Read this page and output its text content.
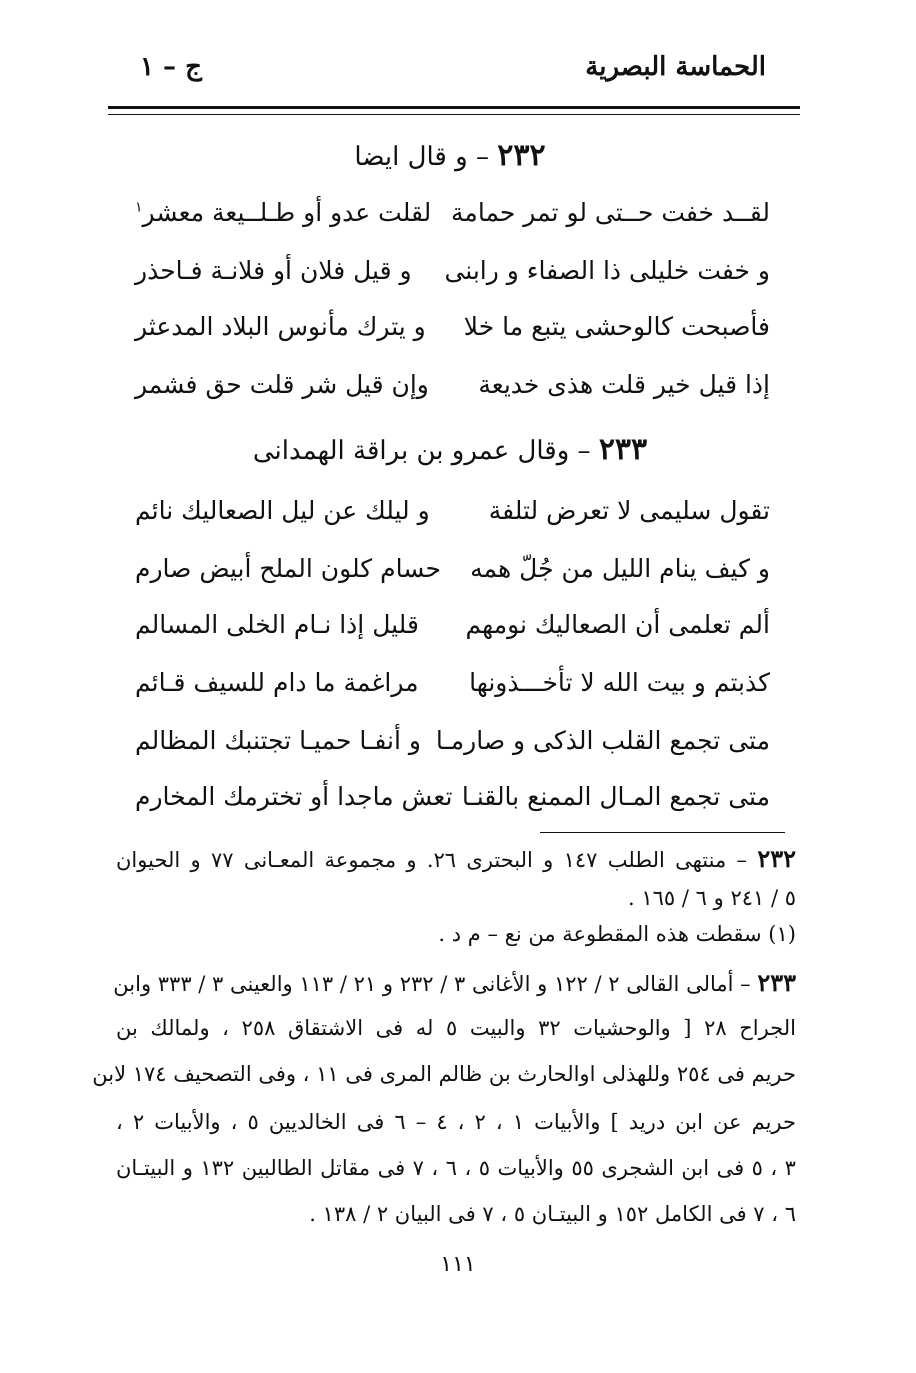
الحماسة البصرية
ج – ١
٢٣٢ – و قال ايضا
لقــد خفت حــتى لو تمر حمامة
لقلت عدو أو طـلــيعة معشر$^١$
و خفت خليلى ذا الصفاء و رابنى
و قيل فلان أو فلانـة فـاحذر
فأصبحت كالوحشى يتبع ما خلا
و يترك مأنوس البلاد المدعثر
إذا قيل خير قلت هذى خديعة
وإن قيل شر قلت حق فشمر
٢٣٣ – وقال عمرو بن براقة الهمدانى
تقول سليمى لا تعرض لتلفة
و ليلك عن ليل الصعاليك نائم
و كيف ينام الليل من جُلّ همه
حسام كلون الملح أبيض صارم
ألم تعلمى أن الصعاليك نومهم
قليل إذا نـام الخلى المسالم
كذبتم و بيت الله لا تأخـــذونها
مراغمة ما دام للسيف قـائم
متى تجمع القلب الذكى و صارمـا
و أنفـا حميـا تجتنبك المظالم
متى تجمع المـال الممنع بالقنـا
تعش ماجدا أو تخترمك المخارم
٢٣٢ – منتهى الطلب ١٤٧ و البحترى ٢٦. و مجموعة المعـانى ٧٧ و الحيوان
٥ / ٢٤١ و ٦ / ١٦٥ .
(١) سقطت هذه المقطوعة من نع – م د .
٢٣٣ – أمالى القالى ٢ / ١٢٢ و الأغانى ٣ / ٢٣٢ و ٢١ / ١١٣ والعينى ٣ / ٣٣٣ وابن
الجراح ٢٨ [ والوحشيات ٣٢ والبيت ٥ له فى الاشتقاق ٢٥٨ ، ولمالك بن
حريم فى ٢٥٤ وللهذلى اوالحارث بن ظالم المرى فى ١١ ، وفى التصحيف ١٧٤ لابن
حريم عن ابن دريد ] والأبيات ١ ، ٢ ، ٤ – ٦ فى الخالديين ٥ ، والأبيات ٢ ،
٣ ، ٥ فى ابن الشجرى ٥٥ والأبيات ٥ ، ٦ ، ٧ فى مقاتل الطالبين ١٣٢ و البيتـان
٦ ، ٧ فى الكامل ١٥٢ و البيتـان ٥ ، ٧ فى البيان ٢ / ١٣٨ .
١١١
